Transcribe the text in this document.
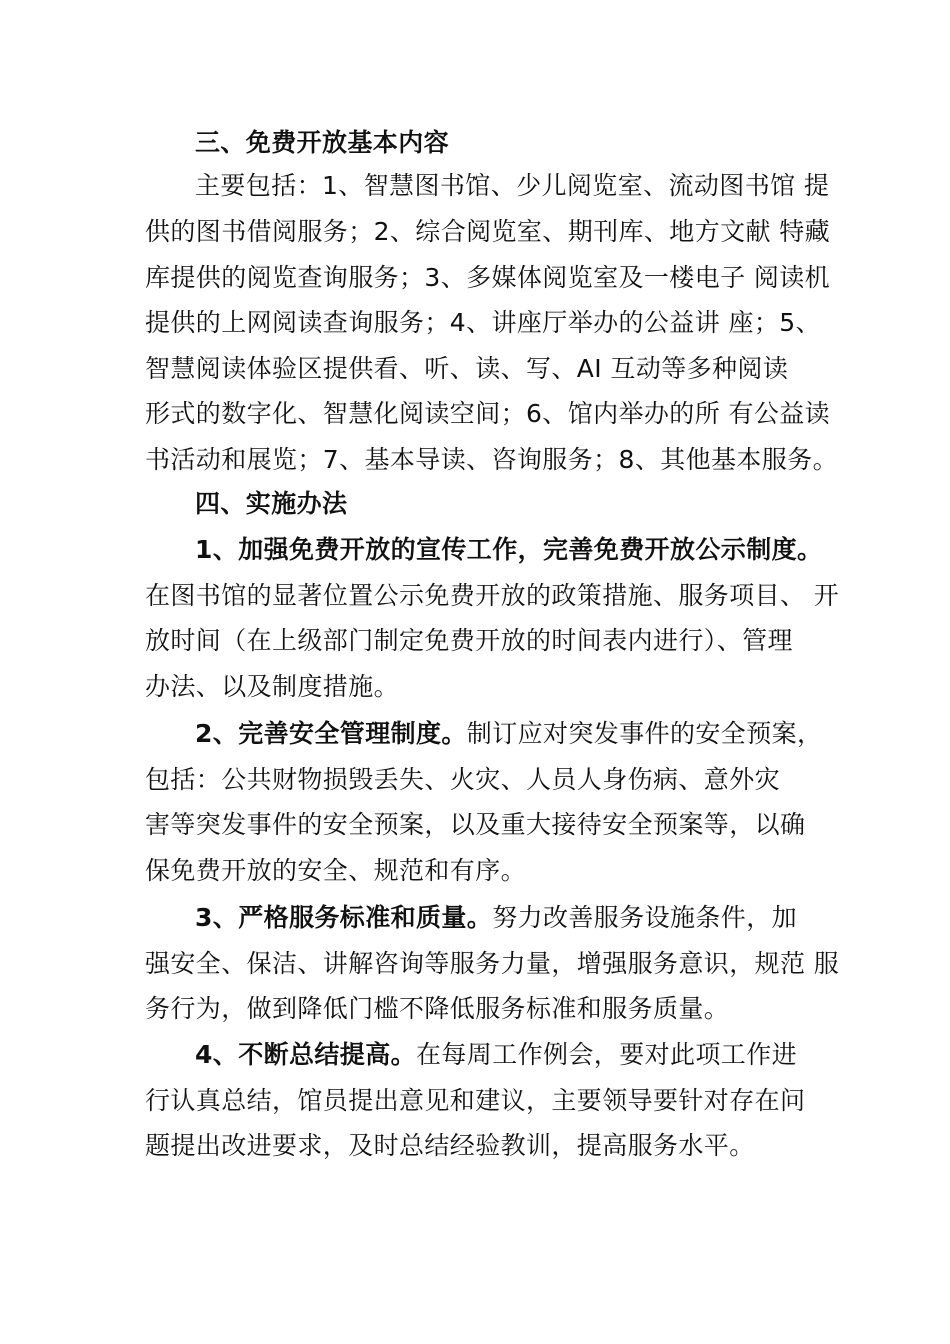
三、免费开放基本内容
主要包括：1、智慧图书馆、少儿阅览室、流动图书馆 提
供的图书借阅服务；2、综合阅览室、期刊库、地方文献 特藏
库提供的阅览查询服务；3、多媒体阅览室及一楼电子 阅读机
提供的上网阅读查询服务；4、讲座厅举办的公益讲 座；5、
智慧阅读体验区提供看、听、读、写、AI 互动等多种阅读
形式的数字化、智慧化阅读空间；6、馆内举办的所 有公益读
书活动和展览；7、基本导读、咨询服务；8、其他基本服务。
四、实施办法
1、加强免费开放的宣传工作，完善免费开放公示制度。
在图书馆的显著位置公示免费开放的政策措施、服务项目、 开
放时间（在上级部门制定免费开放的时间表内进行）、管理
办法、以及制度措施。
2、完善安全管理制度。制订应对突发事件的安全预案，
包括：公共财物损毁丢失、火灾、人员人身伤病、意外灾
害等突发事件的安全预案，以及重大接待安全预案等，以确
保免费开放的安全、规范和有序。
3、严格服务标准和质量。努力改善服务设施条件，加
强安全、保洁、讲解咨询等服务力量，增强服务意识，规范 服
务行为，做到降低门槛不降低服务标准和服务质量。
4、不断总结提高。在每周工作例会，要对此项工作进
行认真总结，馆员提出意见和建议，主要领导要针对存在问
题提出改进要求，及时总结经验教训，提高服务水平。
